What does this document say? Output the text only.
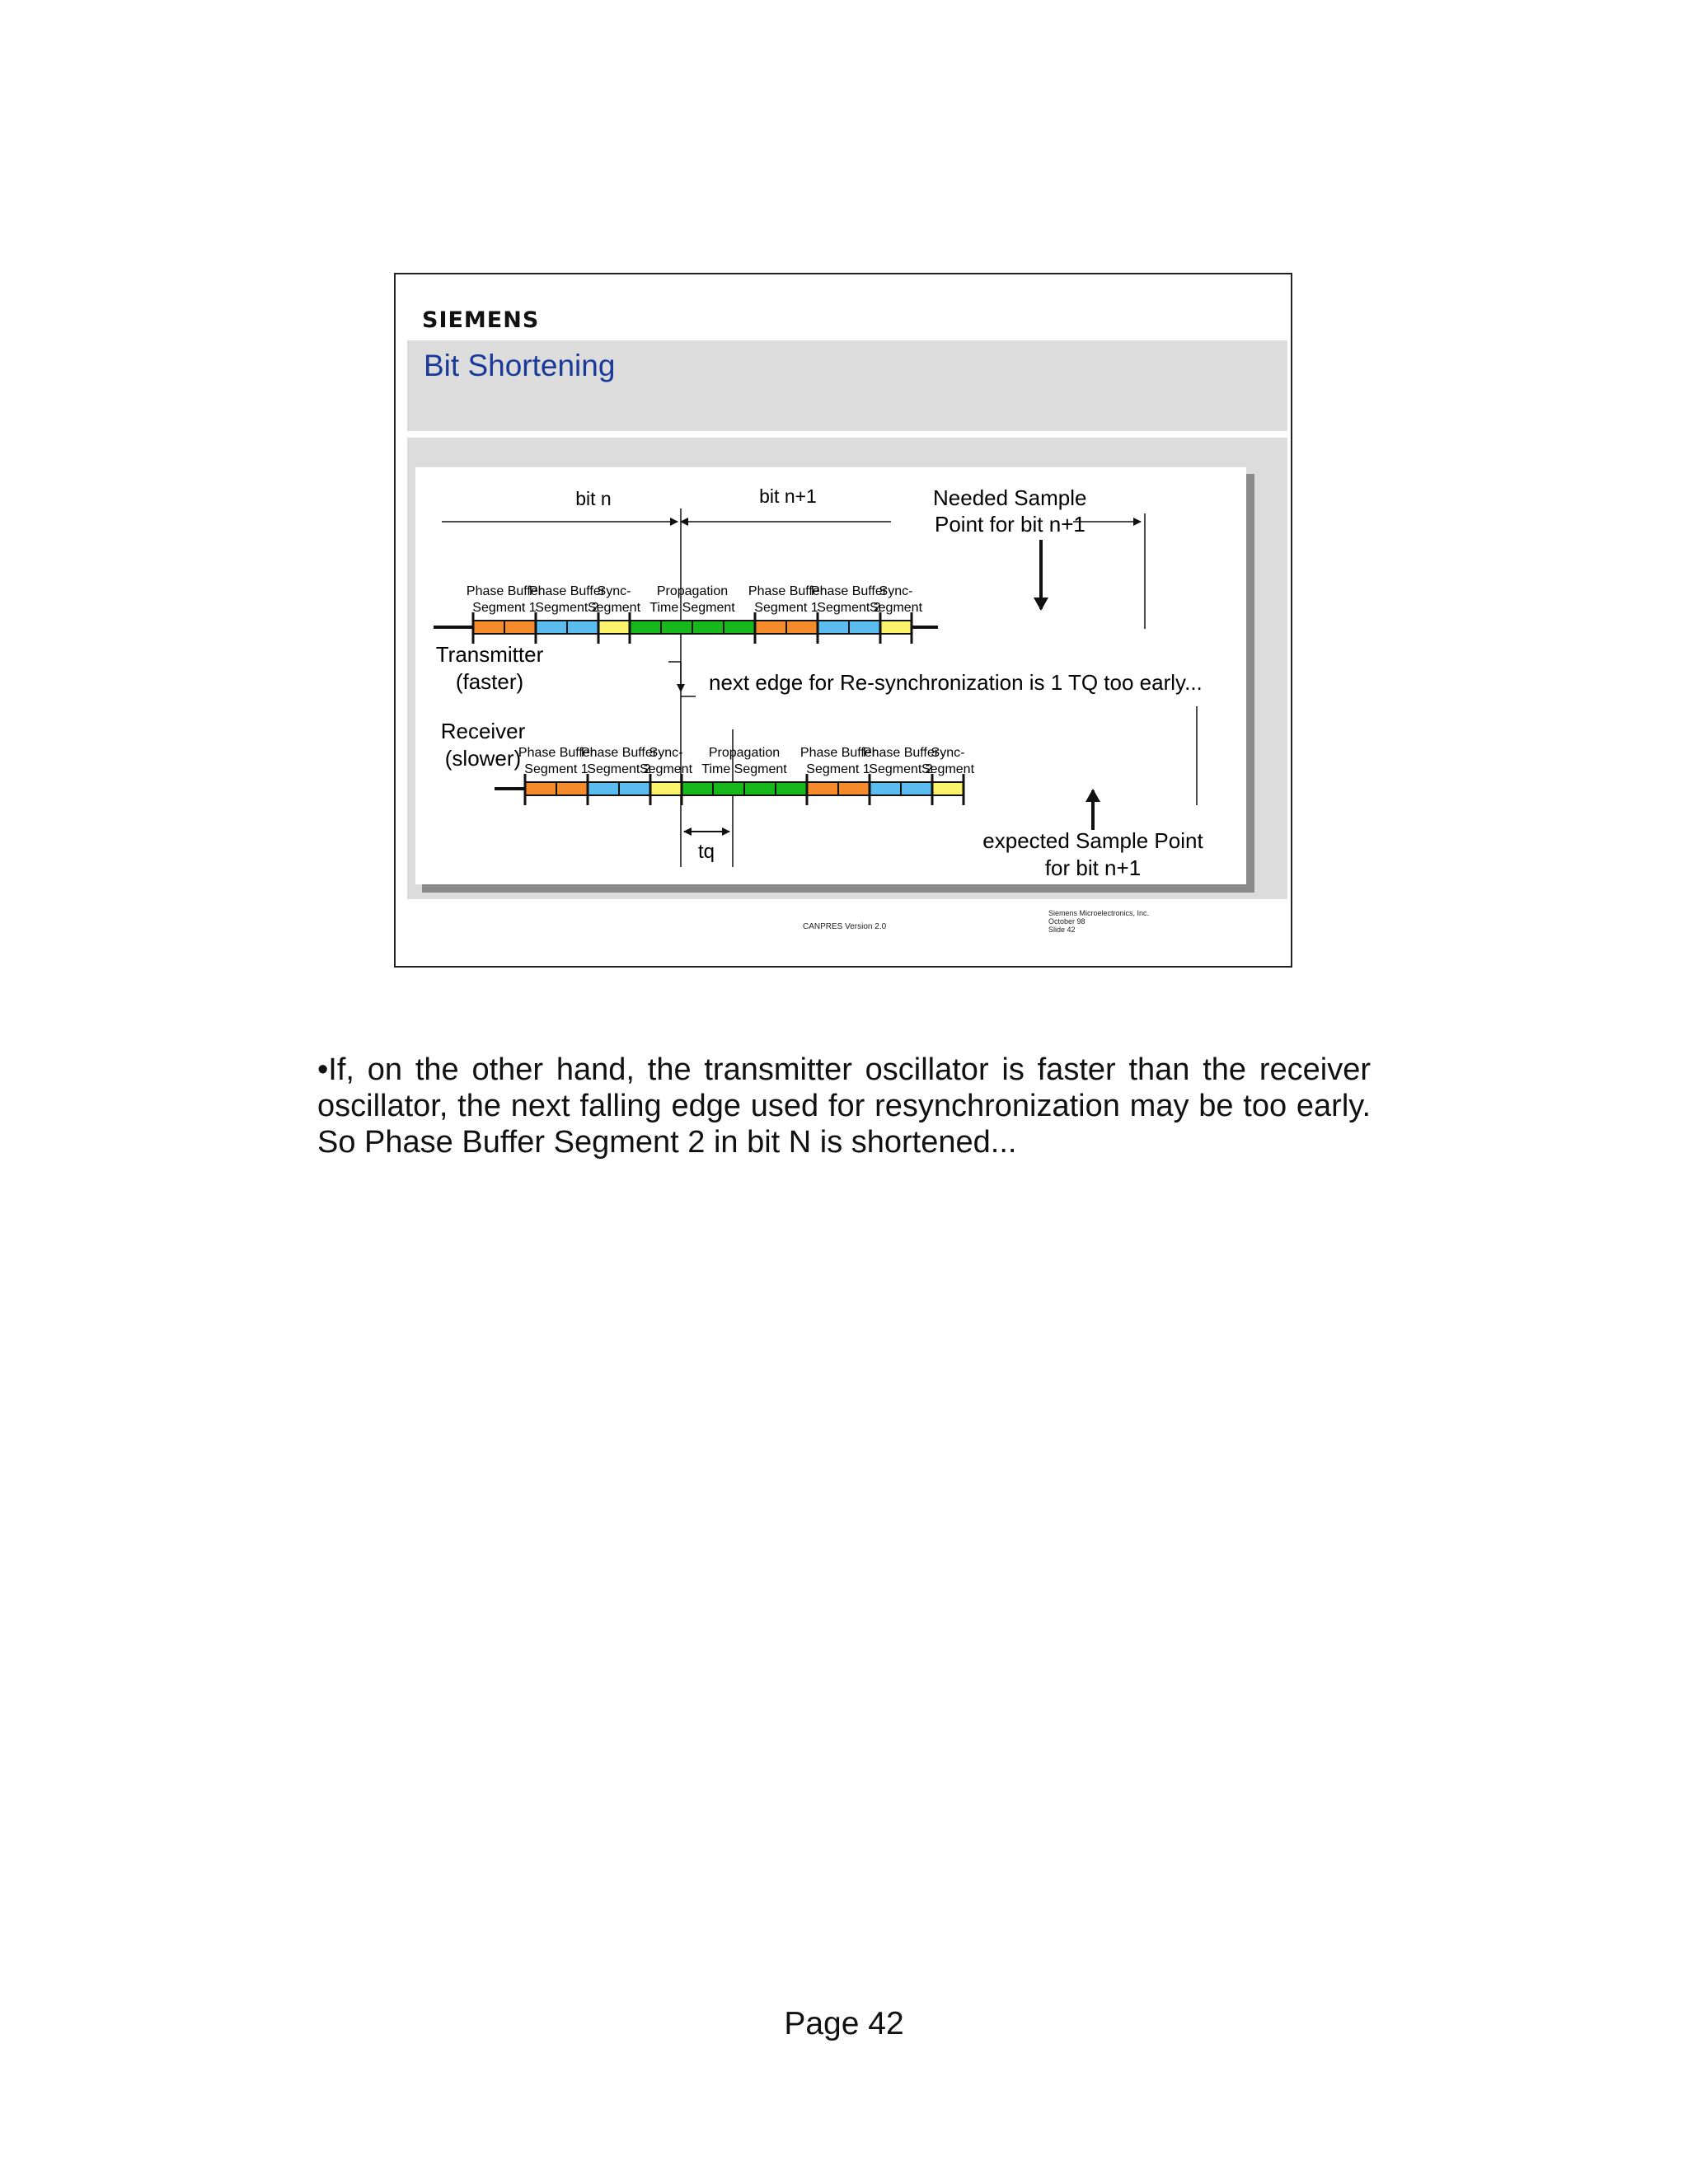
SIEMENS
Bit Shortening
bit n	bit n+1	Needed Sample
Point for bit n+1
Phase Buffer
Segment 1
Phase Buffer
Segment 2
Sync-
Segment
Propagation
Time Segment
Phase Buffer
Segment 1
Phase Buffer
Segment 2
Sync-
Segment
Phase Buffer
Segment 1
Phase Buffer
Segment 2
Sync-
Segment
Propagation
Time Segment
Phase Buffer
Segment 1
Phase Buffer
Segment 2
Sync-
Segment
Transmitter
(faster)
Receiver
(slower)
next edge for Re-synchronization is 1 TQ too early...
tq	expected Sample Point
for bit n+1
CANPRES Version 2.0
Siemens Microelectronics, Inc.
October 98
Slide 42
•If, on the other hand, the transmitter oscillator is faster than the receiver oscillator, the next falling edge used for resynchronization may be too early. So Phase Buffer Segment 2 in bit N is shortened...
Page 42
